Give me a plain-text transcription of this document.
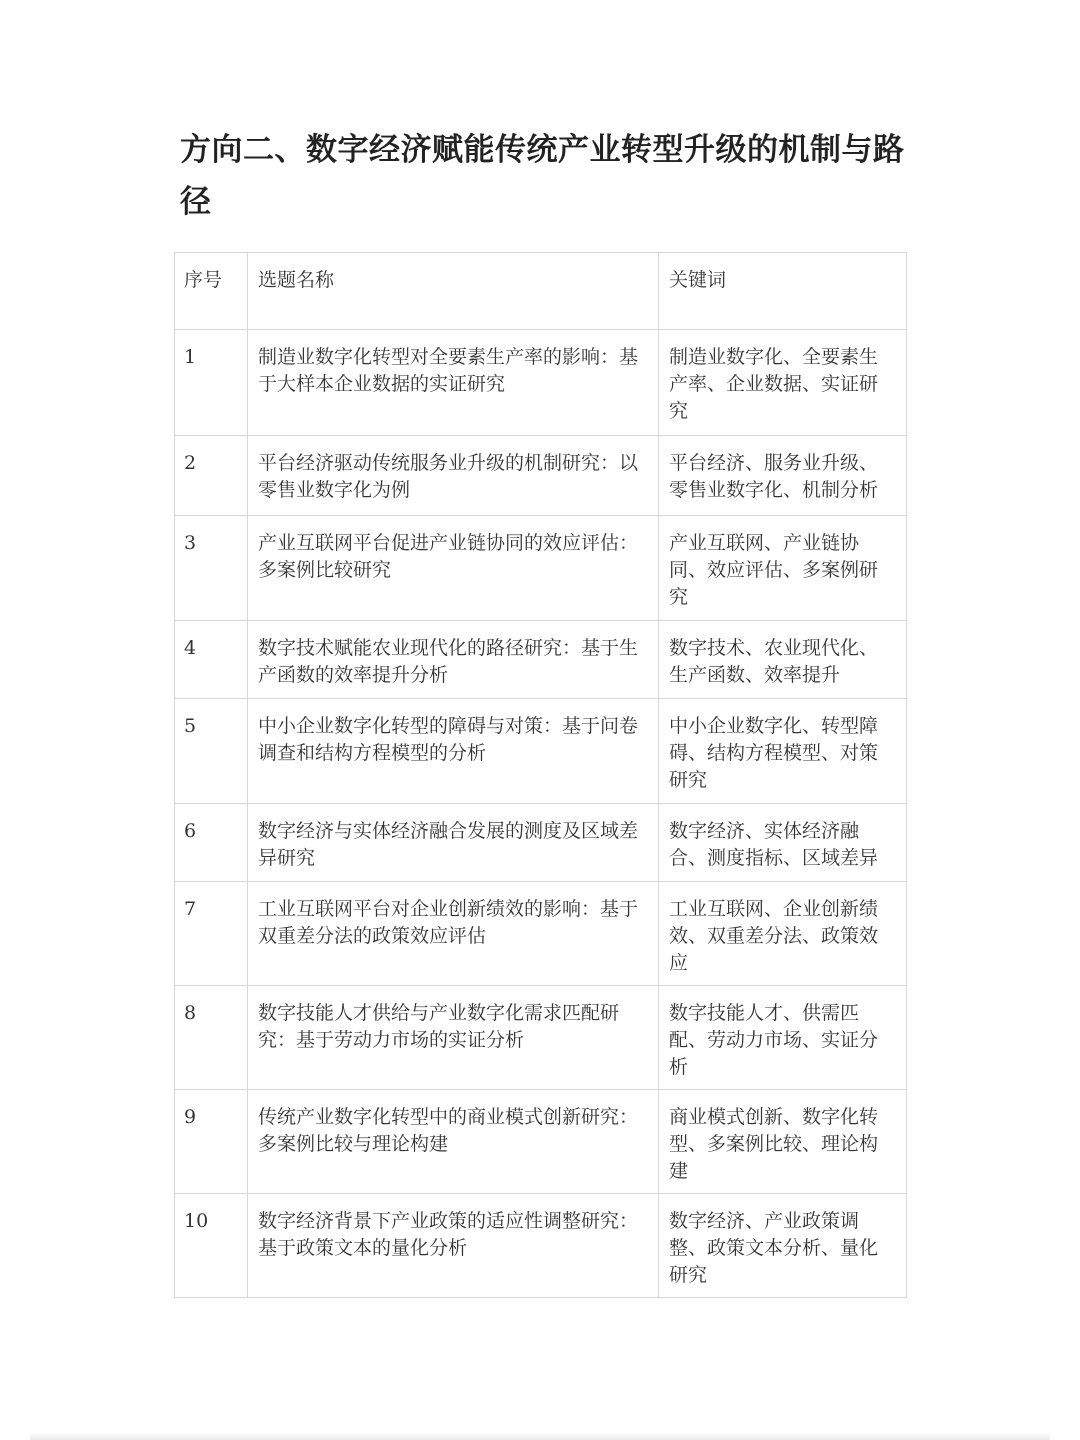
方向二、数字经济赋能传统产业转型升级的机制与路径
序号	选题名称	关键词
1	制造业数字化转型对全要素生产率的影响：基于大样本企业数据的实证研究	制造业数字化、全要素生产率、企业数据、实证研究
2	平台经济驱动传统服务业升级的机制研究：以零售业数字化为例	平台经济、服务业升级、零售业数字化、机制分析
3	产业互联网平台促进产业链协同的效应评估：多案例比较研究	产业互联网、产业链协同、效应评估、多案例研究
4	数字技术赋能农业现代化的路径研究：基于生产函数的效率提升分析	数字技术、农业现代化、生产函数、效率提升
5	中小企业数字化转型的障碍与对策：基于问卷调查和结构方程模型的分析	中小企业数字化、转型障碍、结构方程模型、对策研究
6	数字经济与实体经济融合发展的测度及区域差异研究	数字经济、实体经济融合、测度指标、区域差异
7	工业互联网平台对企业创新绩效的影响：基于双重差分法的政策效应评估	工业互联网、企业创新绩效、双重差分法、政策效应
8	数字技能人才供给与产业数字化需求匹配研究：基于劳动力市场的实证分析	数字技能人才、供需匹配、劳动力市场、实证分析
9	传统产业数字化转型中的商业模式创新研究：多案例比较与理论构建	商业模式创新、数字化转型、多案例比较、理论构建
10	数字经济背景下产业政策的适应性调整研究：基于政策文本的量化分析	数字经济、产业政策调整、政策文本分析、量化研究
